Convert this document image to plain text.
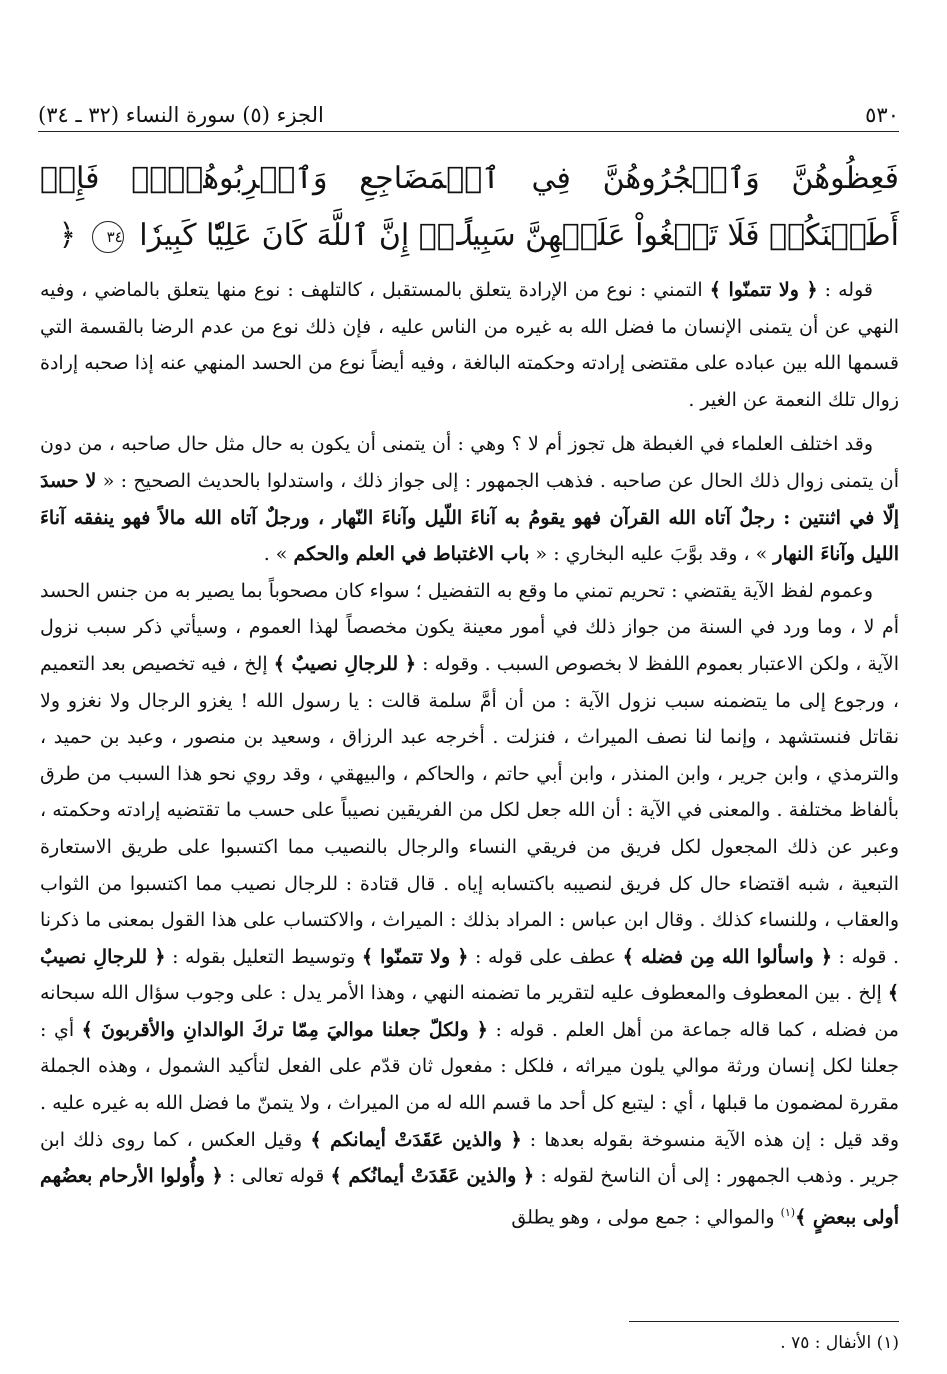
٥٣٠
الجزء (٥) سورة النساء (٣٢ ـ ٣٤)
فَعِظُوهُنَّ وَٱهۡجُرُوهُنَّ فِي ٱلۡمَضَاجِعِ وَٱضۡرِبُوهُنَّۖ فَإِنۡ أَطَعۡنَكُمۡ فَلَا تَبۡغُواْ عَلَيۡهِنَّ سَبِيلًاۗ إِنَّ ٱللَّهَ كَانَ عَلِيّٗا كَبِيرٗا ٣٤ ﴿

قوله : ﴿ ولا تتمنّوا ﴾ التمني : نوع من الإرادة يتعلق بالمستقبل ، كالتلهف : نوع منها يتعلق بالماضي ، وفيه النهي عن أن يتمنى الإنسان ما فضل الله به غيره من الناس عليه ، فإن ذلك نوع من عدم الرضا بالقسمة التي قسمها الله بين عباده على مقتضى إرادته وحكمته البالغة ، وفيه أيضاً نوع من الحسد المنهي عنه إذا صحبه إرادة زوال تلك النعمة عن الغير .

وقد اختلف العلماء في الغبطة هل تجوز أم لا ؟ وهي : أن يتمنى أن يكون به حال مثل حال صاحبه ، من دون أن يتمنى زوال ذلك الحال عن صاحبه . فذهب الجمهور : إلى جواز ذلك ، واستدلوا بالحديث الصحيح : « لا حسدَ إلّا في اثنتين : رجلٌ آتاه الله القرآن فهو يقومُ به آناءَ اللّيل وآناءَ النّهار ، ورجلٌ آتاه الله مالاً فهو ينفقه آناءَ الليل وآناءَ النهار » ، وقد بوَّبَ عليه البخاري : « باب الاغتباط في العلم والحكم » .

وعموم لفظ الآية يقتضي : تحريم تمني ما وقع به التفضيل ؛ سواء كان مصحوباً بما يصير به من جنس الحسد أم لا ، وما ورد في السنة من جواز ذلك في أمور معينة يكون مخصصاً لهذا العموم ، وسيأتي ذكر سبب نزول الآية ، ولكن الاعتبار بعموم اللفظ لا بخصوص السبب . وقوله : ﴿ للرجالِ نصيبٌ ﴾ إلخ ، فيه تخصيص بعد التعميم ، ورجوع إلى ما يتضمنه سبب نزول الآية : من أن أمَّ سلمة قالت : يا رسول الله ! يغزو الرجال ولا نغزو ولا نقاتل فنستشهد ، وإنما لنا نصف الميراث ، فنزلت . أخرجه عبد الرزاق ، وسعيد بن منصور ، وعبد بن حميد ، والترمذي ، وابن جرير ، وابن المنذر ، وابن أبي حاتم ، والحاكم ، والبيهقي ، وقد روي نحو هذا السبب من طرق بألفاظ مختلفة . والمعنى في الآية : أن الله جعل لكل من الفريقين نصيباً على حسب ما تقتضيه إرادته وحكمته ، وعبر عن ذلك المجعول لكل فريق من فريقي النساء والرجال بالنصيب مما اكتسبوا على طريق الاستعارة التبعية ، شبه اقتضاء حال كل فريق لنصيبه باكتسابه إياه . قال قتادة : للرجال نصيب مما اكتسبوا من الثواب والعقاب ، وللنساء كذلك . وقال ابن عباس : المراد بذلك : الميراث ، والاكتساب على هذا القول بمعنى ما ذكرنا . قوله : ﴿ واسألوا الله مِن فضله ﴾ عطف على قوله : ﴿ ولا تتمنّوا ﴾ وتوسيط التعليل بقوله : ﴿ للرجالِ نصيبٌ ﴾ إلخ . بين المعطوف والمعطوف عليه لتقرير ما تضمنه النهي ، وهذا الأمر يدل : على وجوب سؤال الله سبحانه من فضله ، كما قاله جماعة من أهل العلم . قوله : ﴿ ولكلّ جعلنا مواليَ مِمّا تركَ الوالدانِ والأقربونَ ﴾ أي : جعلنا لكل إنسان ورثة موالي يلون ميراثه ، فلكل : مفعول ثان قدّم على الفعل لتأكيد الشمول ، وهذه الجملة مقررة لمضمون ما قبلها ، أي : ليتبع كل أحد ما قسم الله له من الميراث ، ولا يتمنّ ما فضل الله به غيره عليه . وقد قيل : إن هذه الآية منسوخة بقوله بعدها : ﴿ والذين عَقَدَتْ أيمانكم ﴾ وقيل العكس ، كما روى ذلك ابن جرير . وذهب الجمهور : إلى أن الناسخ لقوله : ﴿ والذين عَقَدَتْ أيمانُكم ﴾ قوله تعالى : ﴿ وأُولوا الأرحام بعضُهم أولى ببعضٍ ﴾$^{(١)}$ والموالي : جمع مولى ، وهو يطلق

(١) الأنفال : ٧٥ .
